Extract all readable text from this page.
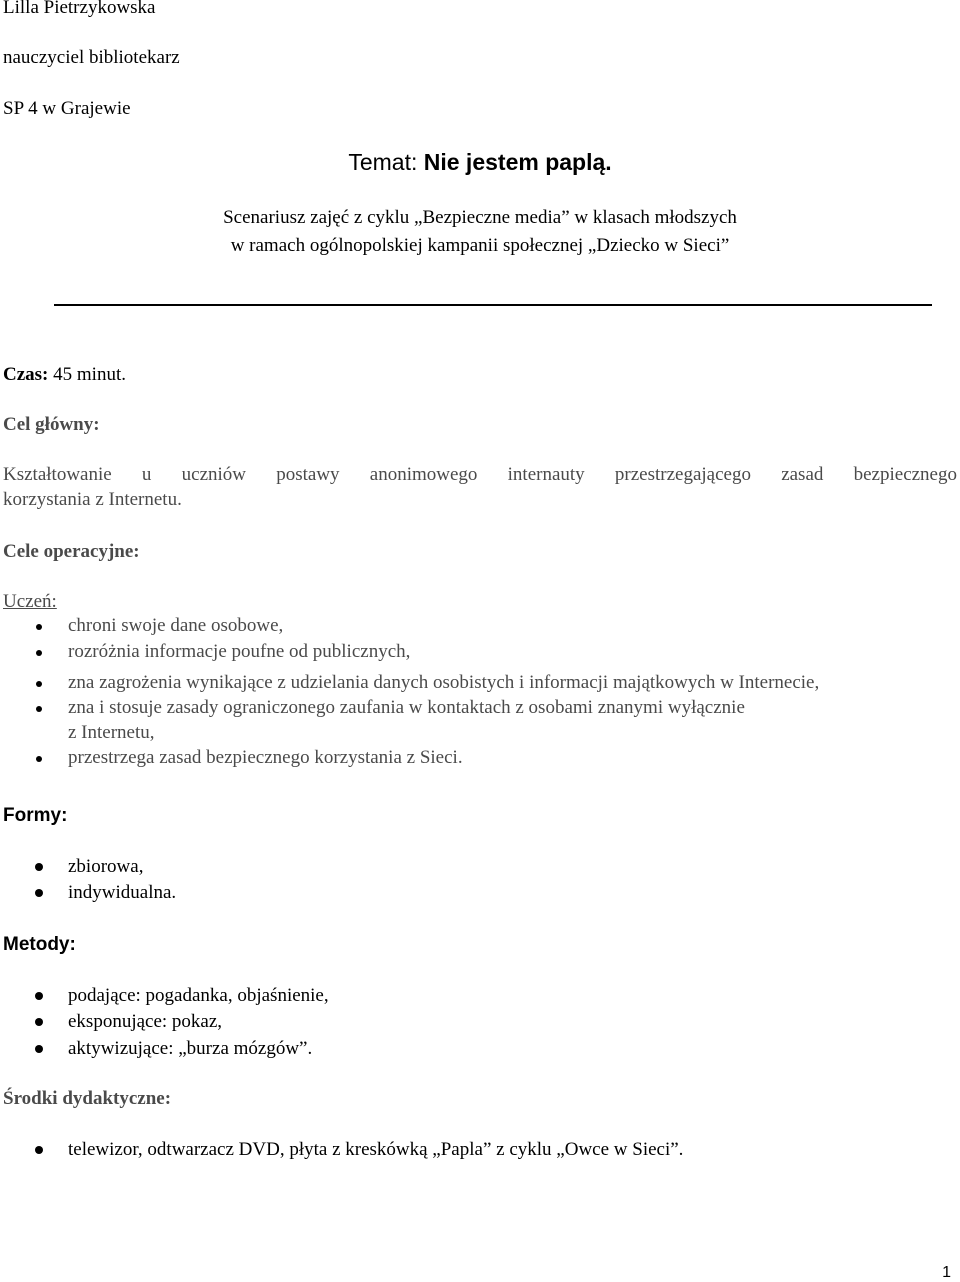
Lilla Pietrzykowska
nauczyciel bibliotekarz
SP 4 w Grajewie
Temat: Nie jestem paplą.
Scenariusz zajęć z cyklu „Bezpieczne media” w klasach młodszych
w ramach ogólnopolskiej kampanii społecznej „Dziecko w Sieci”
Czas: 45 minut.
Cel główny:
Kształtowanie u uczniów postawy anonimowego internauty przestrzegającego zasad bezpiecznego
korzystania z Internetu.
Cele operacyjne:
Uczeń:
chroni swoje dane osobowe,
rozróżnia informacje poufne od publicznych,
zna zagrożenia wynikające z udzielania danych osobistych i informacji majątkowych w Internecie,
zna i stosuje zasady ograniczonego zaufania w kontaktach z osobami znanymi wyłącznie
z Internetu,
przestrzega zasad bezpiecznego korzystania z Sieci.
Formy:
zbiorowa,
indywidualna.
Metody:
podające: pogadanka, objaśnienie,
eksponujące: pokaz,
aktywizujące: „burza mózgów”.
Środki dydaktyczne:
telewizor, odtwarzacz DVD, płyta z kreskówką „Papla” z cyklu „Owce w Sieci”.
1
